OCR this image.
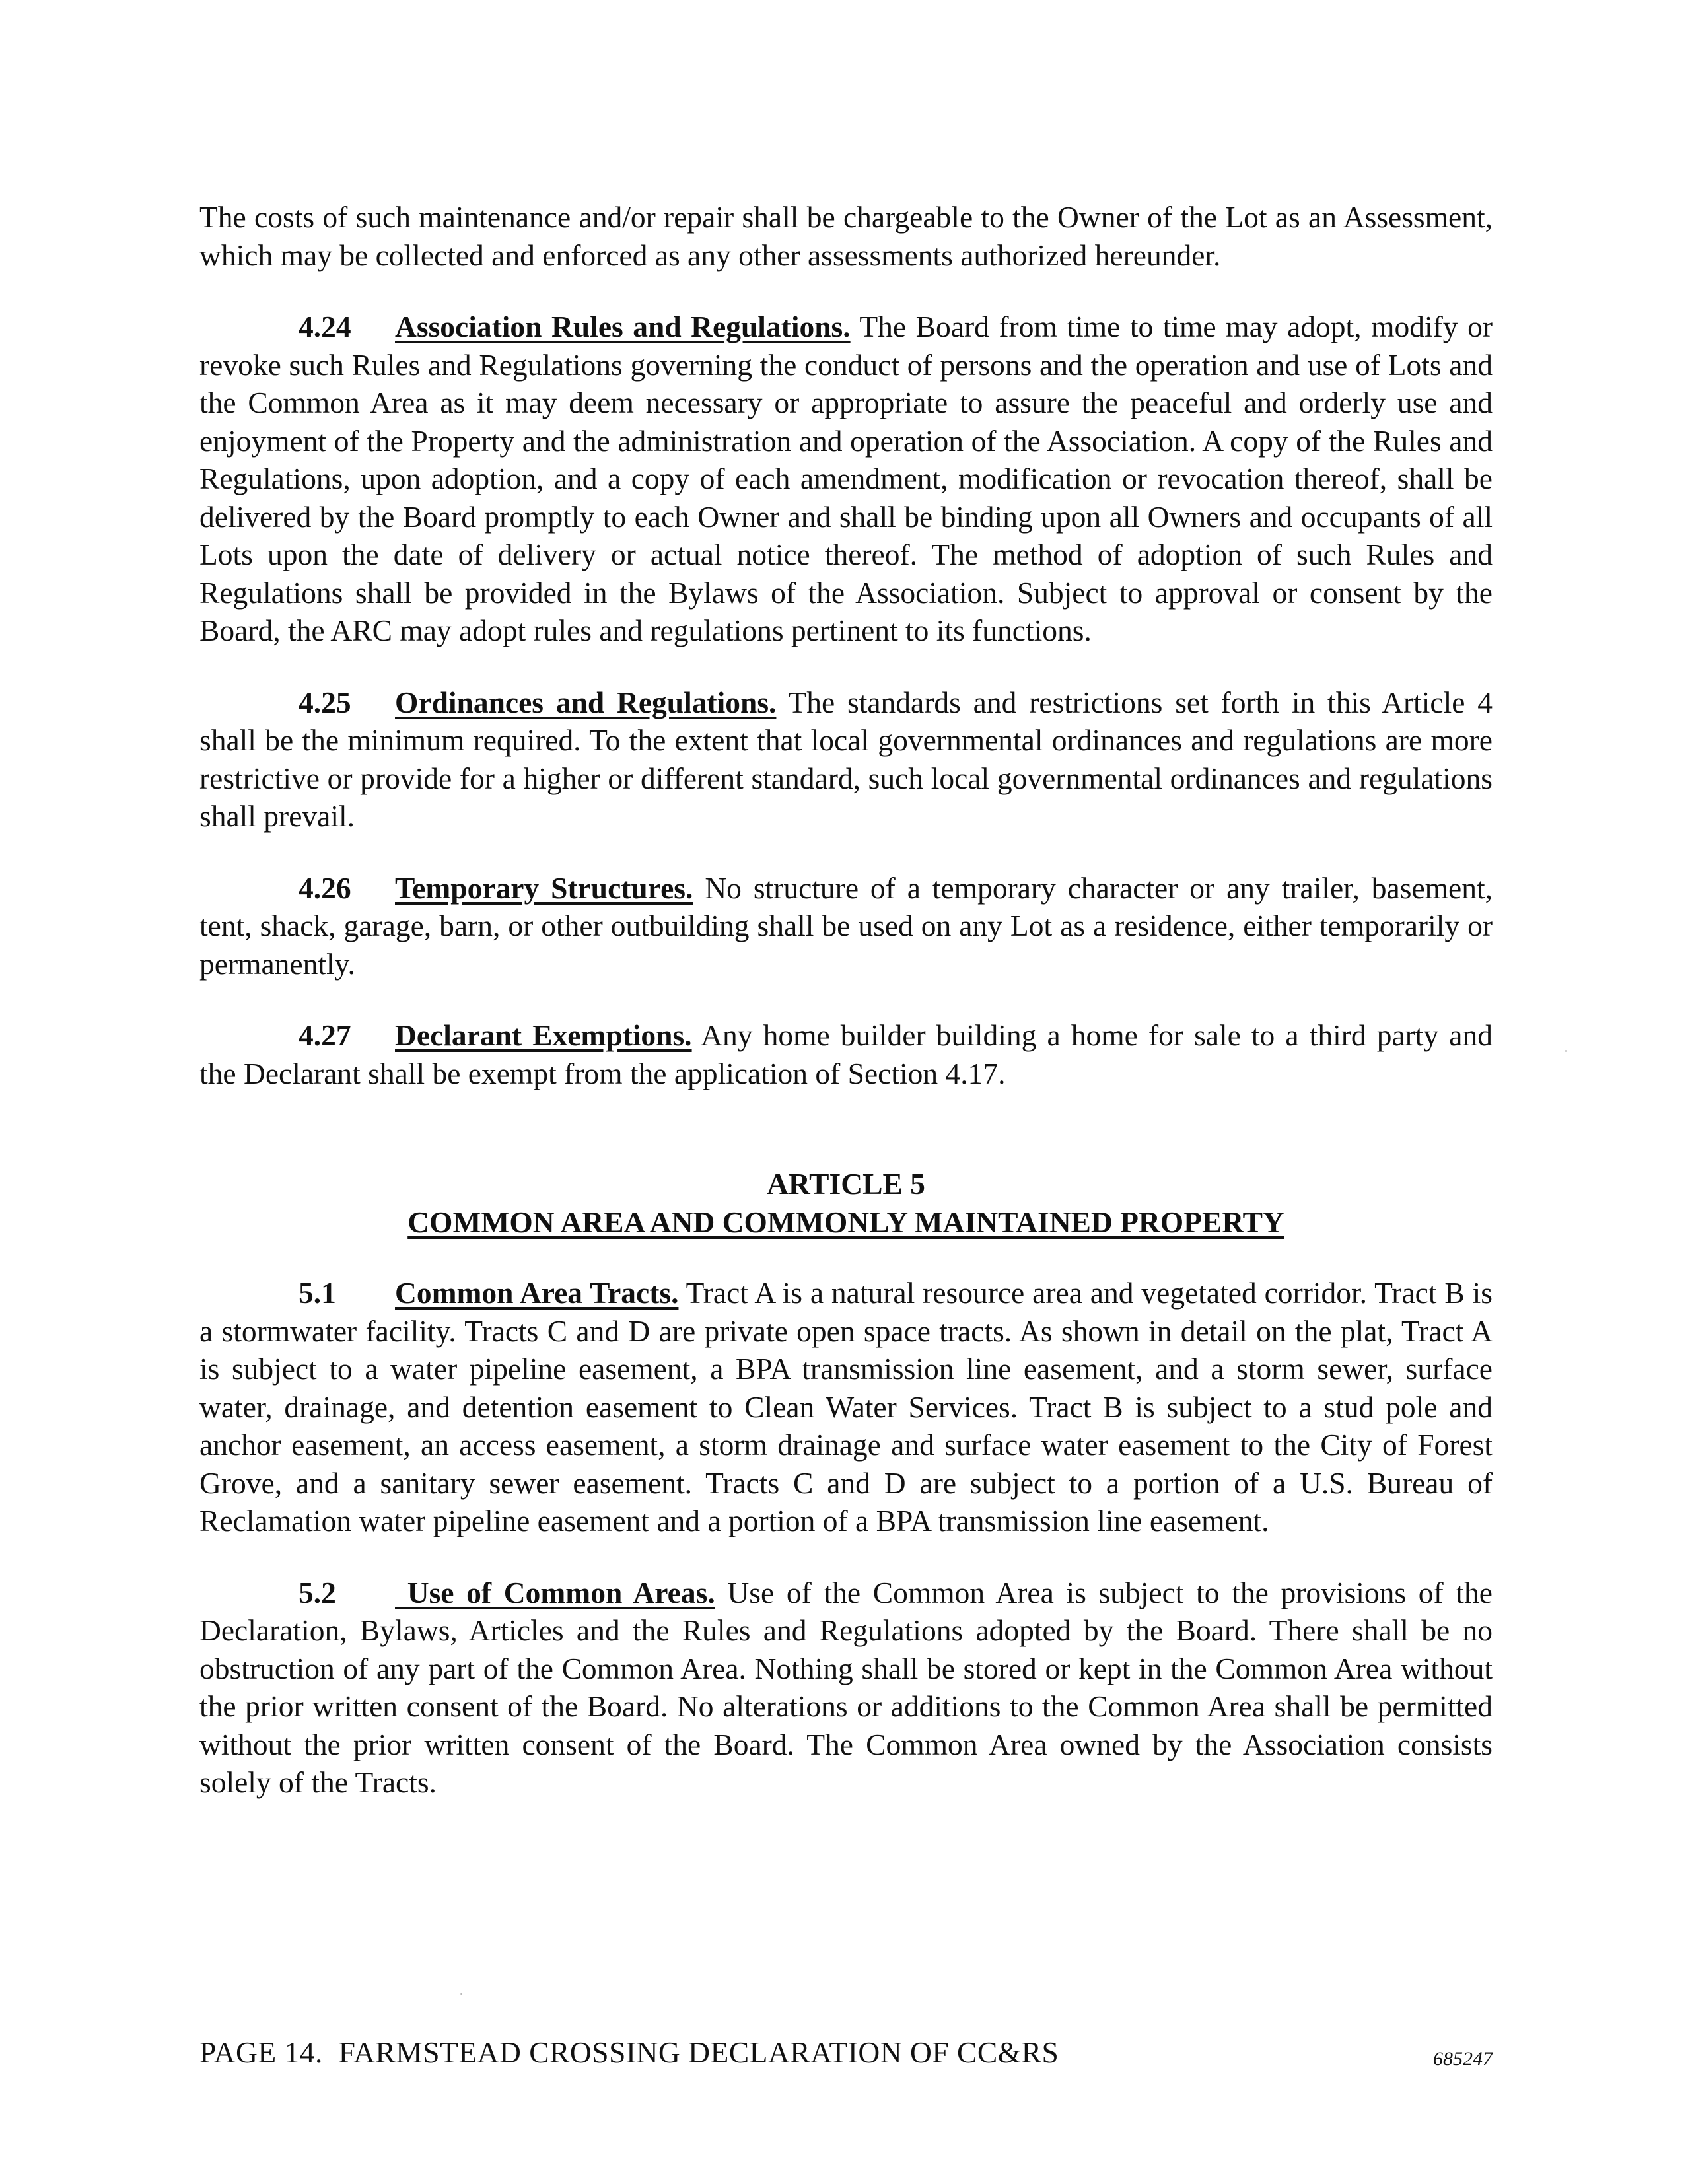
The costs of such maintenance and/or repair shall be chargeable to the Owner of the Lot as an Assessment, which may be collected and enforced as any other assessments authorized hereunder.

4.24 Association Rules and Regulations. The Board from time to time may adopt, modify or revoke such Rules and Regulations governing the conduct of persons and the operation and use of Lots and the Common Area as it may deem necessary or appropriate to assure the peaceful and orderly use and enjoyment of the Property and the administration and operation of the Association. A copy of the Rules and Regulations, upon adoption, and a copy of each amendment, modification or revocation thereof, shall be delivered by the Board promptly to each Owner and shall be binding upon all Owners and occupants of all Lots upon the date of delivery or actual notice thereof. The method of adoption of such Rules and Regulations shall be provided in the Bylaws of the Association. Subject to approval or consent by the Board, the ARC may adopt rules and regulations pertinent to its functions.

4.25 Ordinances and Regulations. The standards and restrictions set forth in this Article 4 shall be the minimum required. To the extent that local governmental ordinances and regulations are more restrictive or provide for a higher or different standard, such local governmental ordinances and regulations shall prevail.

4.26 Temporary Structures. No structure of a temporary character or any trailer, basement, tent, shack, garage, barn, or other outbuilding shall be used on any Lot as a residence, either temporarily or permanently.

4.27 Declarant Exemptions. Any home builder building a home for sale to a third party and the Declarant shall be exempt from the application of Section 4.17.

ARTICLE 5

COMMON AREA AND COMMONLY MAINTAINED PROPERTY

5.1 Common Area Tracts. Tract A is a natural resource area and vegetated corridor. Tract B is a stormwater facility. Tracts C and D are private open space tracts. As shown in detail on the plat, Tract A is subject to a water pipeline easement, a BPA transmission line easement, and a storm sewer, surface water, drainage, and detention easement to Clean Water Services. Tract B is subject to a stud pole and anchor easement, an access easement, a storm drainage and surface water easement to the City of Forest Grove, and a sanitary sewer easement. Tracts C and D are subject to a portion of a U.S. Bureau of Reclamation water pipeline easement and a portion of a BPA transmission line easement.

5.2 Use of Common Areas. Use of the Common Area is subject to the provisions of the Declaration, Bylaws, Articles and the Rules and Regulations adopted by the Board. There shall be no obstruction of any part of the Common Area. Nothing shall be stored or kept in the Common Area without the prior written consent of the Board. No alterations or additions to the Common Area shall be permitted without the prior written consent of the Board. The Common Area owned by the Association consists solely of the Tracts.

PAGE 14.  FARMSTEAD CROSSING DECLARATION OF CC&RS	685247
